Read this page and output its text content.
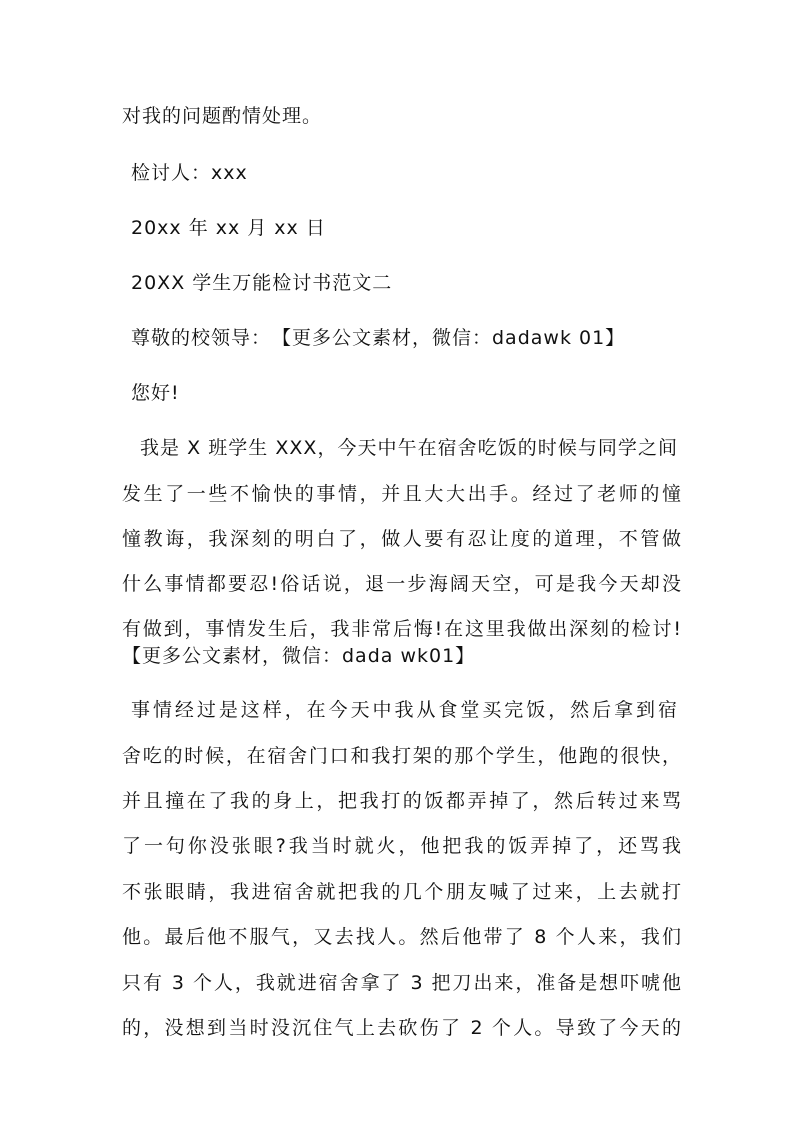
对我的问题酌情处理。
检讨人：xxx
20xx 年 xx 月 xx 日
20XX 学生万能检讨书范文二
尊敬的校领导：　【更多公文素材，微信：dadawk 01】
您好!
我是 X 班学生 XXX，今天中午在宿舍吃饭的时候与同学之间
发生了一些不愉快的事情，并且大大出手。经过了老师的憧
憧教诲，我深刻的明白了，做人要有忍让度的道理，不管做
什么事情都要忍!俗话说，退一步海阔天空，可是我今天却没
有做到，事情发生后，我非常后悔!在这里我做出深刻的检讨!
【更多公文素材，微信：dada wk01】
事情经过是这样，在今天中我从食堂买完饭，然后拿到宿
舍吃的时候，在宿舍门口和我打架的那个学生，他跑的很快，
并且撞在了我的身上，把我打的饭都弄掉了，然后转过来骂
了一句你没张眼?我当时就火，他把我的饭弄掉了，还骂我
不张眼睛，我进宿舍就把我的几个朋友喊了过来，上去就打
他。最后他不服气，又去找人。然后他带了 8 个人来，我们
只有 3 个人，我就进宿舍拿了 3 把刀出来，准备是想吓唬他
的，没想到当时没沉住气上去砍伤了 2 个人。导致了今天的
